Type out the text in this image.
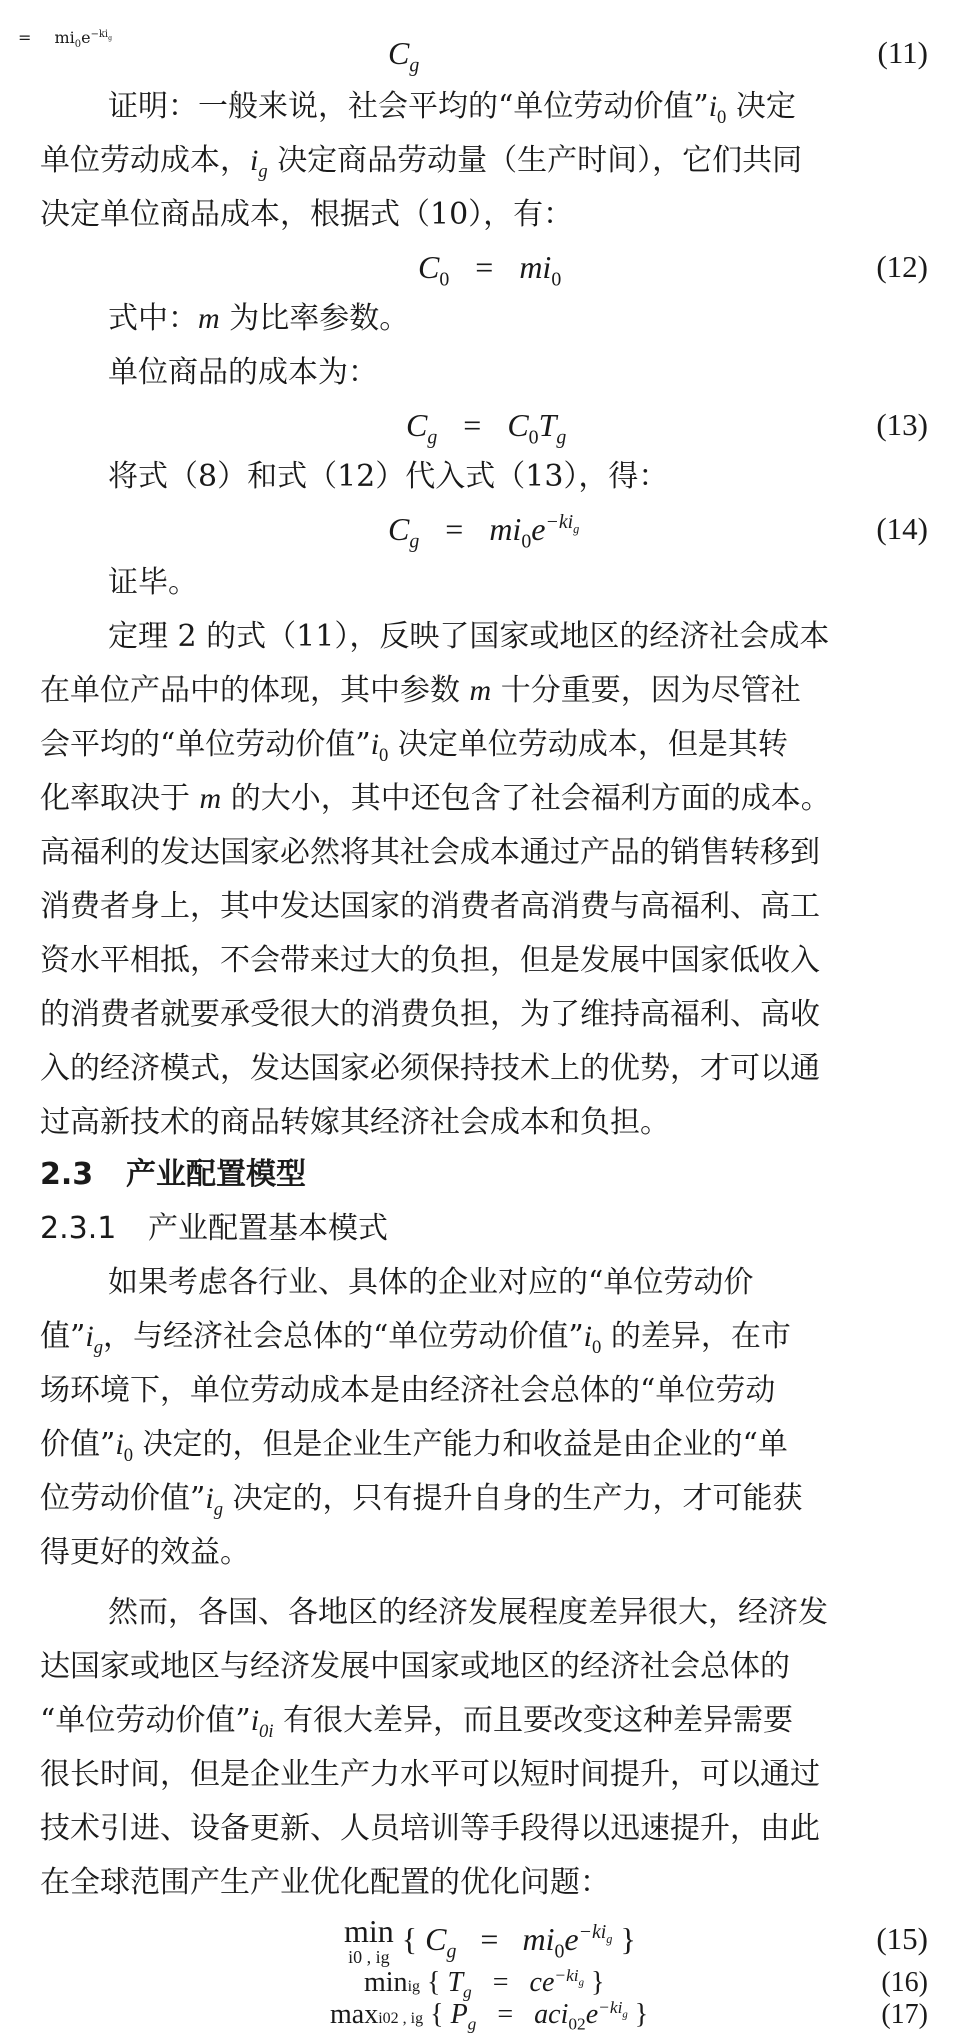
$C_g$
= $mi_0e^{-ki_g}$	(11)
证明：一般来说，社会平均的“单位劳动价值$”i_0$ 决定
单位劳动成本，$i_g$ 决定商品劳动量（生产时间），它们共同
决定单位商品成本，根据式（10），有：
$C_0 = mi_0$	(12)
式中：m 为比率参数。
单位商品的成本为：
$C_g = C_0T_g$	(13)
将式（8）和式（12）代入式（13），得：
$C_g = mi_0e^{-ki_g}$	(14)
证毕。
定理 2 的式（11），反映了国家或地区的经济社会成本
在单位产品中的体现，其中参数 m 十分重要，因为尽管社
会平均的“单位劳动价值$”i_0$ 决定单位劳动成本，但是其转
化率取决于 m 的大小，其中还包含了社会福利方面的成本。
高福利的发达国家必然将其社会成本通过产品的销售转移到
消费者身上，其中发达国家的消费者高消费与高福利、高工
资水平相抵，不会带来过大的负担，但是发展中国家低收入
的消费者就要承受很大的消费负担，为了维持高福利、高收
入的经济模式，发达国家必须保持技术上的优势，才可以通
过高新技术的商品转嫁其经济社会成本和负担。
2.3 产业配置模型
2.3.1 产业配置基本模式
如果考虑各行业、具体的企业对应的“单位劳动价
值$”i_g$，与经济社会总体的“单位劳动价值$”i_0$ 的差异，在市
场环境下，单位劳动成本是由经济社会总体的“单位劳动
价值$”i_0$ 决定的，但是企业生产能力和收益是由企业的“单
位劳动价值$”i_g$ 决定的，只有提升自身的生产力，才可能获
得更好的效益。
然而，各国、各地区的经济发展程度差异很大，经济发
达国家或地区与经济发展中国家或地区的经济社会总体的
“单位劳动价值$”i_{0i}$ 有很大差异，而且要改变这种差异需要
很长时间，但是企业生产力水平可以短时间提升，可以通过
技术引进、设备更新、人员培训等手段得以迅速提升，由此
在全球范围产生产业优化配置的优化问题：
min

i0 , ig { $C_g = mi_0e^{-ki_g}$ }	(15)
minig { $T_g = ce^{-ki_g}$ }	(16)
maxi02 , ig { $P_g = aci_{02}e^{-ki_g}$ }	(17)
